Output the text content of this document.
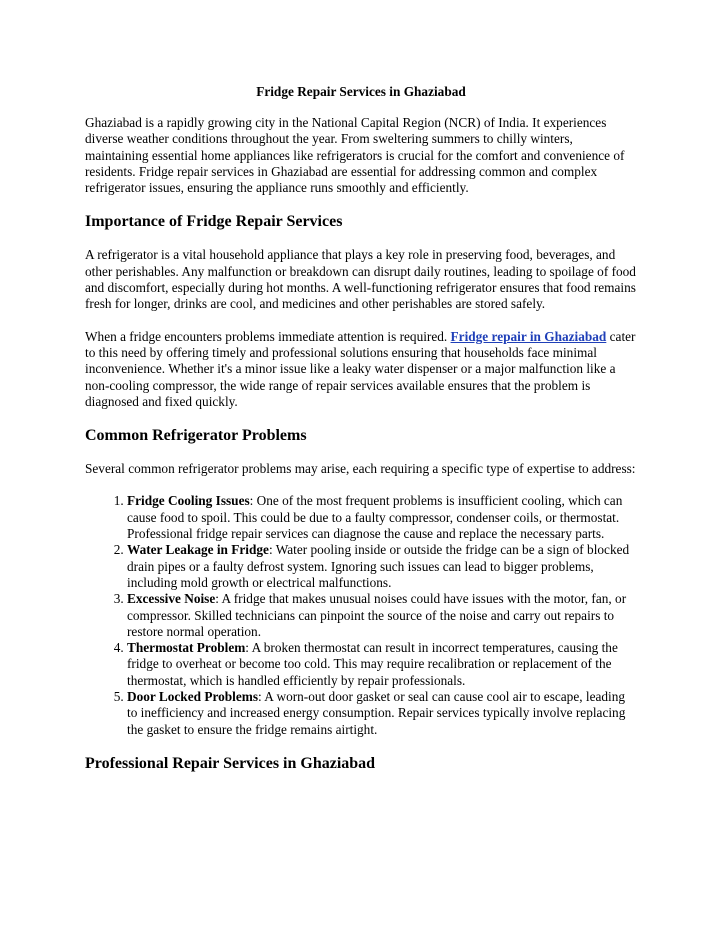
Fridge Repair Services in Ghaziabad

Ghaziabad is a rapidly growing city in the National Capital Region (NCR) of India. It experiences diverse weather conditions throughout the year. From sweltering summers to chilly winters, maintaining essential home appliances like refrigerators is crucial for the comfort and convenience of residents. Fridge repair services in Ghaziabad are essential for addressing common and complex refrigerator issues, ensuring the appliance runs smoothly and efficiently.

Importance of Fridge Repair Services

A refrigerator is a vital household appliance that plays a key role in preserving food, beverages, and other perishables. Any malfunction or breakdown can disrupt daily routines, leading to spoilage of food and discomfort, especially during hot months. A well-functioning refrigerator ensures that food remains fresh for longer, drinks are cool, and medicines and other perishables are stored safely.

When a fridge encounters problems immediate attention is required. Fridge repair in Ghaziabad cater to this need by offering timely and professional solutions ensuring that households face minimal inconvenience. Whether it's a minor issue like a leaky water dispenser or a major malfunction like a non-cooling compressor, the wide range of repair services available ensures that the problem is diagnosed and fixed quickly.

Common Refrigerator Problems

Several common refrigerator problems may arise, each requiring a specific type of expertise to address:

1. Fridge Cooling Issues: One of the most frequent problems is insufficient cooling, which can cause food to spoil. This could be due to a faulty compressor, condenser coils, or thermostat. Professional fridge repair services can diagnose the cause and replace the necessary parts.
2. Water Leakage in Fridge: Water pooling inside or outside the fridge can be a sign of blocked drain pipes or a faulty defrost system. Ignoring such issues can lead to bigger problems, including mold growth or electrical malfunctions.
3. Excessive Noise: A fridge that makes unusual noises could have issues with the motor, fan, or compressor. Skilled technicians can pinpoint the source of the noise and carry out repairs to restore normal operation.
4. Thermostat Problem: A broken thermostat can result in incorrect temperatures, causing the fridge to overheat or become too cold. This may require recalibration or replacement of the thermostat, which is handled efficiently by repair professionals.
5. Door Locked Problems: A worn-out door gasket or seal can cause cool air to escape, leading to inefficiency and increased energy consumption. Repair services typically involve replacing the gasket to ensure the fridge remains airtight.
Professional Repair Services in Ghaziabad
